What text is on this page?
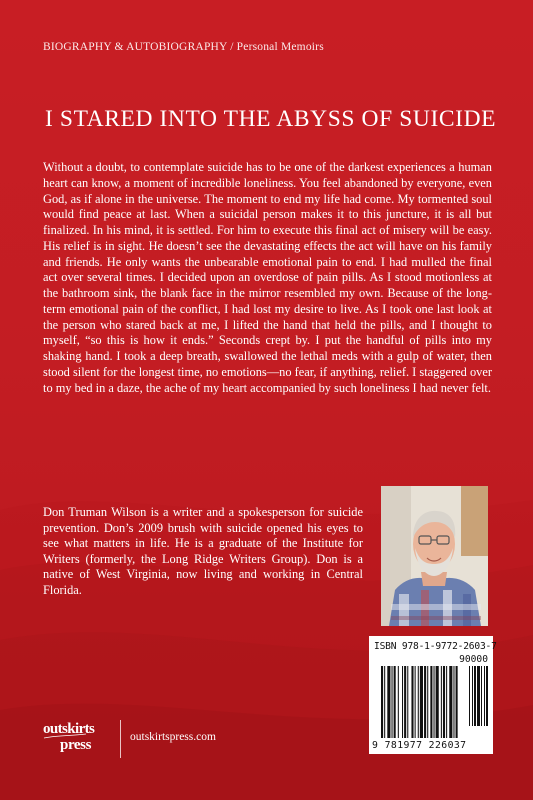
BIOGRAPHY & AUTOBIOGRAPHY / Personal Memoirs
I STARED INTO THE ABYSS OF SUICIDE

Without a doubt, to contemplate suicide has to be one of the darkest experiences a human heart can know, a moment of incredible loneliness. You feel abandoned by everyone, even God, as if alone in the universe. The moment to end my life had come. My tormented soul would find peace at last. When a suicidal person makes it to this juncture, it is all but finalized. In his mind, it is settled. For him to execute this final act of misery will be easy. His relief is in sight. He doesn’t see the devastating effects the act will have on his family and friends. He only wants the unbearable emotional pain to end. I had mulled the final act over several times. I decided upon an overdose of pain pills. As I stood motionless at the bathroom sink, the blank face in the mirror resembled my own. Because of the long-term emotional pain of the conflict, I had lost my desire to live. As I took one last look at the person who stared back at me, I lifted the hand that held the pills, and I thought to myself, “so this is how it ends.” Seconds crept by. I put the handful of pills into my shaking hand. I took a deep breath, swallowed the lethal meds with a gulp of water, then stood silent for the longest time, no emotions—no fear, if anything, relief. I staggered over to my bed in a daze, the ache of my heart accompanied by such loneliness I had never felt.

Don Truman Wilson is a writer and a spokesperson for suicide prevention. Don’s 2009 brush with suicide opened his eyes to see what matters in life. He is a graduate of the Institute for Writers (formerly, the Long Ridge Writers Group). Don is a native of West Virginia, now living and working in Central Florida.

ISBN 978-1-9772-2603-7
90000
9 781977 226037
outskirts
press	outskirtspress.com
